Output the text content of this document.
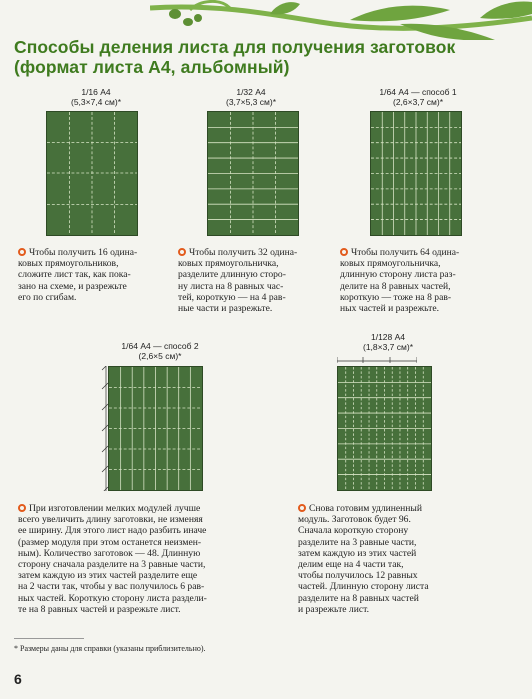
Способы деления листа для получения заготовок
(формат листа А4, альбомный)
1/16 А4
(5,3×7,4 см)*
Чтобы получить 16 одина-
ковых прямоугольников,
сложите лист так, как пока-
зано на схеме, и разрежьте
его по сгибам.
1/32 А4
(3,7×5,3 см)*
Чтобы получить 32 одина-
ковых прямоугольничка,
разделите длинную сторо-
ну листа на 8 равных час-
тей, короткую — на 4 рав-
ные части и разрежьте.
1/64 А4 — способ 1
(2,6×3,7 см)*
Чтобы получить 64 одина-
ковых прямоугольничка,
длинную сторону листа раз-
делите на 8 равных частей,
короткую — тоже на 8 рав-
ных частей и разрежьте.
1/64 А4 — способ 2
(2,6×5 см)*
При изготовлении мелких модулей лучше
всего увеличить длину заготовки, не изменяя
ее ширину. Для этого лист надо разбить иначе
(размер модуля при этом останется неизмен-
ным). Количество заготовок — 48. Длинную
сторону сначала разделите на 3 равные части,
затем каждую из этих частей разделите еще
на 2 части так, чтобы у вас получилось 6 рав-
ных частей. Короткую сторону листа раздели-
те на 8 равных частей и разрежьте лист.
1/128 А4
(1,8×3,7 см)*
Снова готовим удлиненный
модуль. Заготовок будет 96.
Сначала короткую сторону
разделите на 3 равные части,
затем каждую из этих частей
делим еще на 4 части так,
чтобы получилось 12 равных
частей. Длинную сторону листа
разделите на 8 равных частей
и разрежьте лист.
* Размеры даны для справки (указаны приблизительно).
6
